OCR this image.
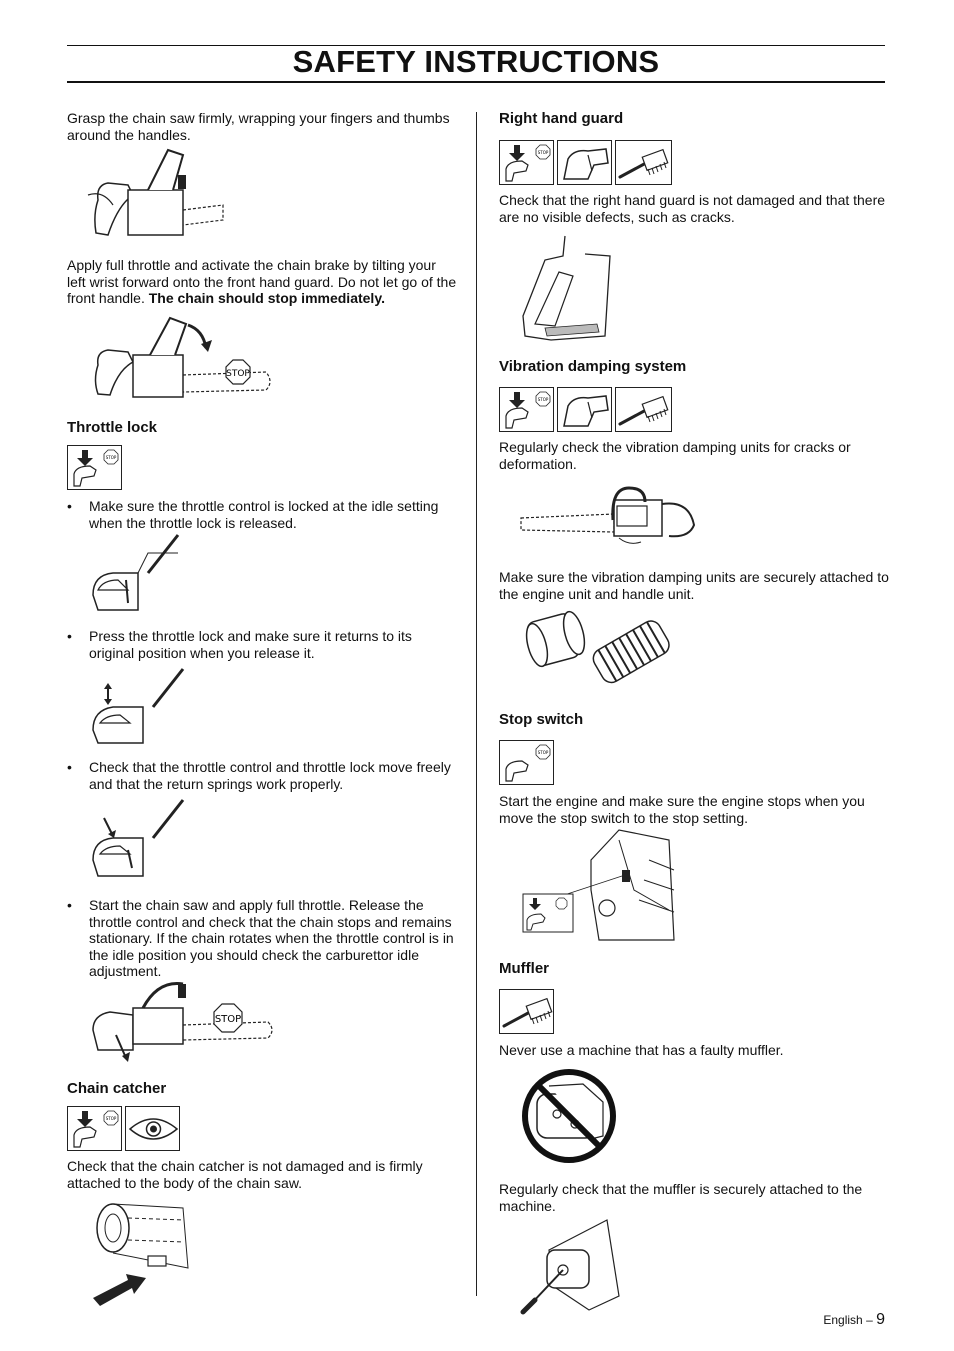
SAFETY INSTRUCTIONS
Grasp the chain saw firmly, wrapping your fingers and thumbs around the handles.
Apply full throttle and activate the chain brake by tilting your left wrist forward onto the front hand guard. Do not let go of the front handle. The chain should stop immediately.
STOP
Throttle lock
STOP
• Make sure the throttle control is locked at the idle setting when the throttle lock is released.
• Press the throttle lock and make sure it returns to its original position when you release it.
• Check that the throttle control and throttle lock move freely and that the return springs work properly.
• Start the chain saw and apply full throttle. Release the throttle control and check that the chain stops and remains stationary. If the chain rotates when the throttle control is in the idle position you should check the carburettor idle adjustment.
STOP
Chain catcher
STOP
Check that the chain catcher is not damaged and is firmly attached to the body of the chain saw.
Right hand guard
STOP
Check that the right hand guard is not damaged and that there are no visible defects, such as cracks.
Vibration damping system
STOP
Regularly check the vibration damping units for cracks or deformation.
Make sure the vibration damping units are securely attached to the engine unit and handle unit.
Stop switch
STOP
Start the engine and make sure the engine stops when you move the stop switch to the stop setting.
Muffler
Never use a machine that has a faulty muffler.
Regularly check that the muffler is securely attached to the machine.
English – 9
